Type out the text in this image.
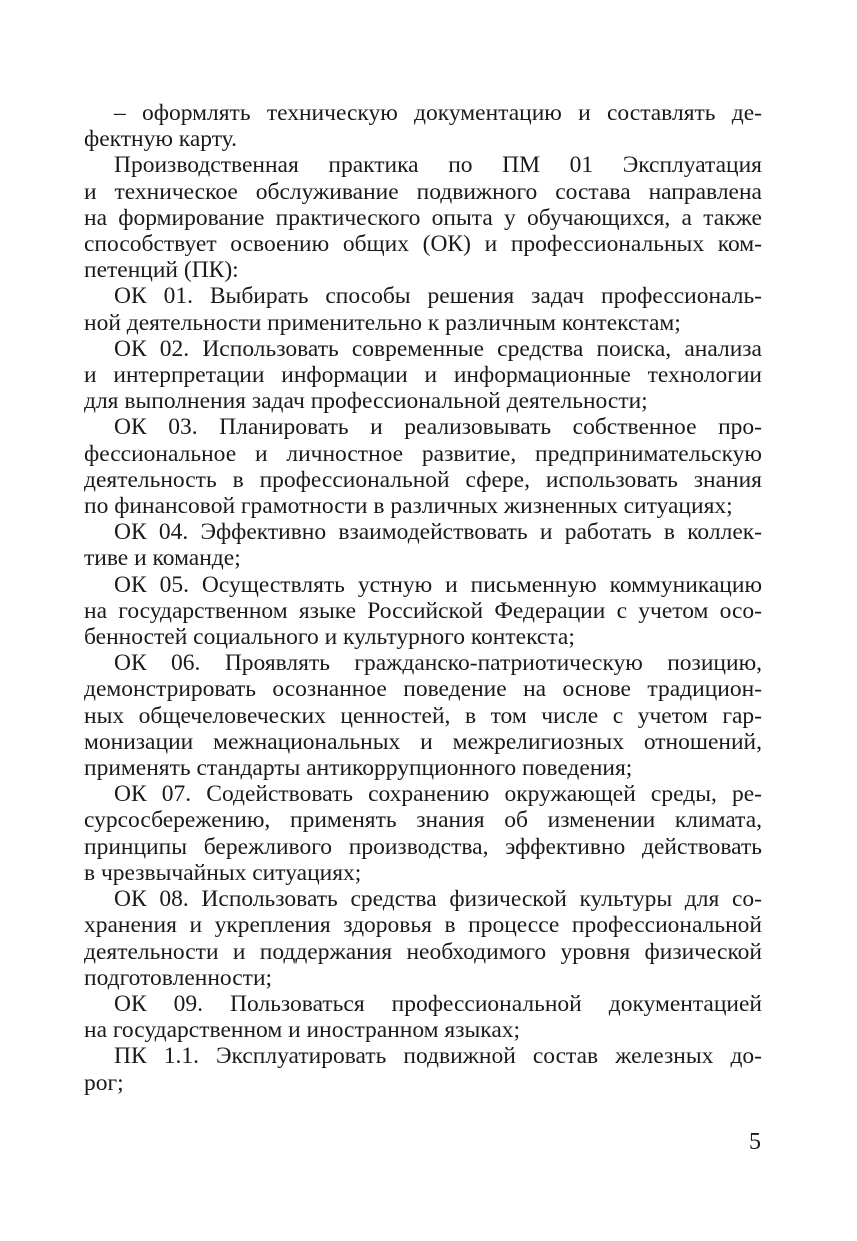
– оформлять техническую документацию и составлять де-
фектную карту.
Производственная практика по ПМ 01 Эксплуатация
и техническое обслуживание подвижного состава направлена
на формирование практического опыта у обучающихся, а также
способствует освоению общих (ОК) и профессиональных ком-
петенций (ПК):
ОК 01. Выбирать способы решения задач профессиональ-
ной деятельности применительно к различным контекстам;
ОК 02. Использовать современные средства поиска, анализа
и интерпретации информации и информационные технологии
для выполнения задач профессиональной деятельности;
ОК 03. Планировать и реализовывать собственное про-
фессиональное и личностное развитие, предпринимательскую
деятельность в профессиональной сфере, использовать знания
по финансовой грамотности в различных жизненных ситуациях;
ОК 04. Эффективно взаимодействовать и работать в коллек-
тиве и команде;
ОК 05. Осуществлять устную и письменную коммуникацию
на государственном языке Российской Федерации с учетом осо-
бенностей социального и культурного контекста;
ОК 06. Проявлять гражданско-патриотическую позицию,
демонстрировать осознанное поведение на основе традицион-
ных общечеловеческих ценностей, в том числе с учетом гар-
монизации межнациональных и межрелигиозных отношений,
применять стандарты антикоррупционного поведения;
ОК 07. Содействовать сохранению окружающей среды, ре-
сурсосбережению, применять знания об изменении климата,
принципы бережливого производства, эффективно действовать
в чрезвычайных ситуациях;
ОК 08. Использовать средства физической культуры для со-
хранения и укрепления здоровья в процессе профессиональной
деятельности и поддержания необходимого уровня физической
подготовленности;
ОК 09. Пользоваться профессиональной документацией
на государственном и иностранном языках;
ПК 1.1. Эксплуатировать подвижной состав железных до-
рог;
5
